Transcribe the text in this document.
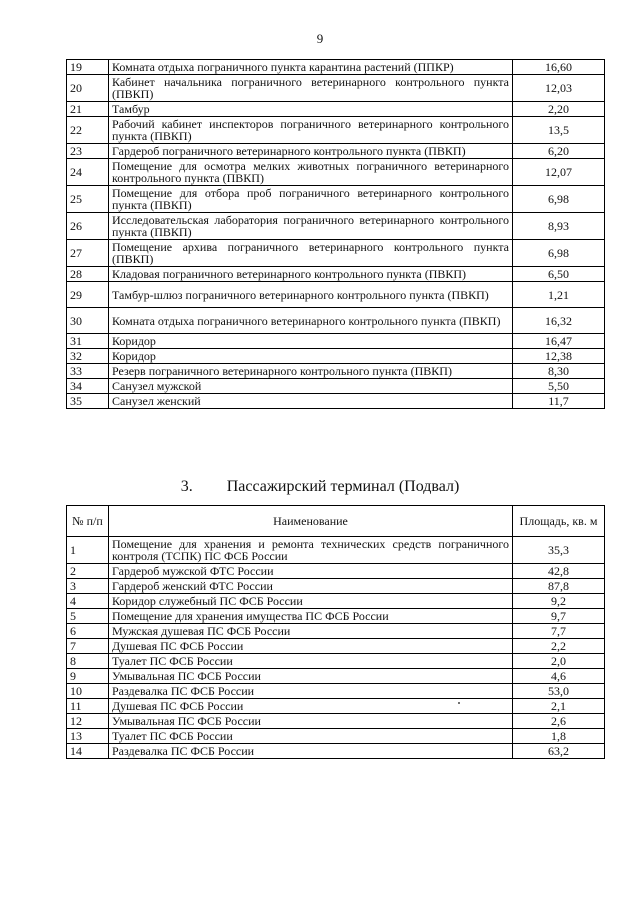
9
19	Комната отдыха пограничного пункта карантина растений (ППКР)	16,60
20	Кабинет начальника пограничного ветеринарного контрольного пункта (ПВКП)	12,03
21	Тамбур	2,20
22	Рабочий кабинет инспекторов пограничного ветеринарного контрольного пункта (ПВКП)	13,5
23	Гардероб пограничного ветеринарного контрольного пункта (ПВКП)	6,20
24	Помещение для осмотра мелких животных пограничного ветеринарного контрольного пункта (ПВКП)	12,07
25	Помещение для отбора проб пограничного ветеринарного контрольного пункта (ПВКП)	6,98
26	Исследовательская лаборатория пограничного ветеринарного контрольного пункта (ПВКП)	8,93
27	Помещение архива пограничного ветеринарного контрольного пункта (ПВКП)	6,98
28	Кладовая пограничного ветеринарного контрольного пункта (ПВКП)	6,50
29	Тамбур-шлюз пограничного ветеринарного контрольного пункта (ПВКП)	1,21
30	Комната отдыха пограничного ветеринарного контрольного пункта (ПВКП)	16,32
31	Коридор	16,47
32	Коридор	12,38
33	Резерв пограничного ветеринарного контрольного пункта (ПВКП)	8,30
34	Санузел мужской	5,50
35	Санузел женский	11,7
3. Пассажирский терминал (Подвал)
№ п/п	Наименование	Площадь, кв. м
1	Помещение для хранения и ремонта технических средств пограничного контроля (ТСПК) ПС ФСБ России	35,3
2	Гардероб мужской ФТС России	42,8
3	Гардероб женский ФТС России	87,8
4	Коридор служебный ПС ФСБ России	9,2
5	Помещение для хранения имущества ПС ФСБ России	9,7
6	Мужская душевая ПС ФСБ России	7,7
7	Душевая ПС ФСБ России	2,2
8	Туалет ПС ФСБ России	2,0
9	Умывальная ПС ФСБ России	4,6
10	Раздевалка ПС ФСБ России	53,0
11	Душевая ПС ФСБ России	2,1
12	Умывальная ПС ФСБ России	2,6
13	Туалет ПС ФСБ России	1,8
14	Раздевалка ПС ФСБ России	63,2
